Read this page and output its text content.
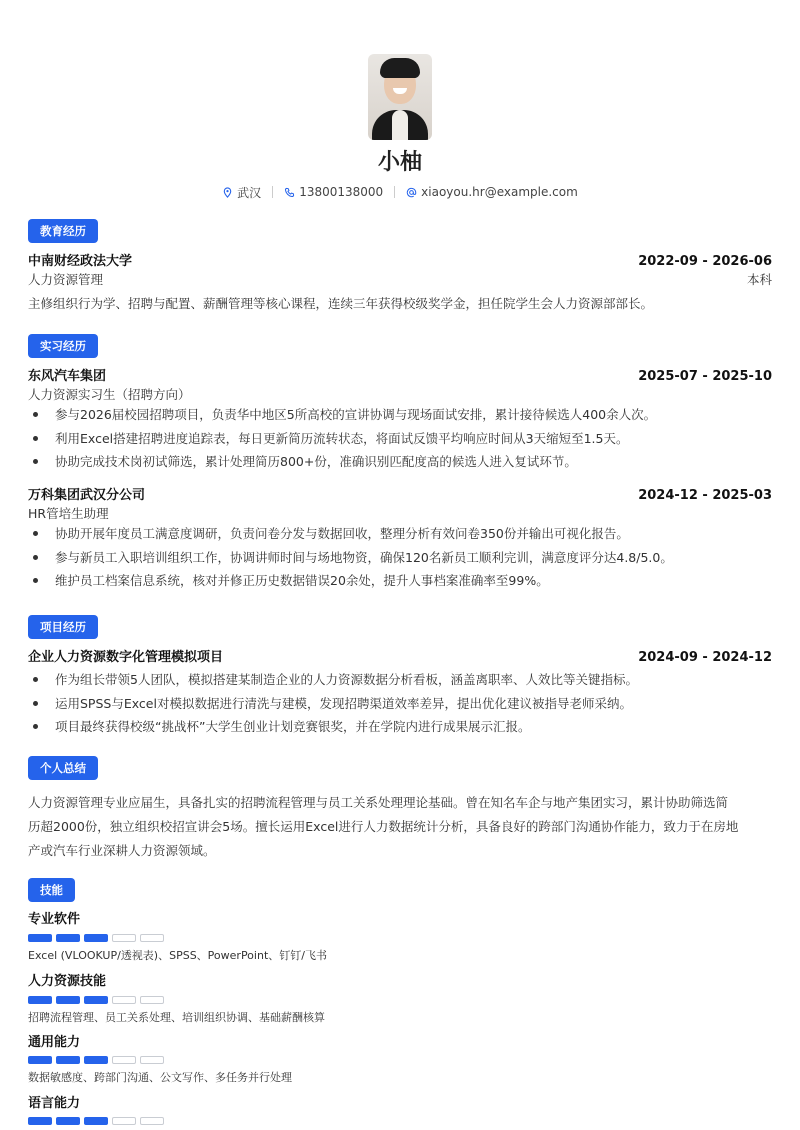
小柚
武汉	13800138000	xiaoyou.hr@example.com
教育经历
中南财经政法大学	2022-09 - 2026-06
人力资源管理	本科
主修组织行为学、招聘与配置、薪酬管理等核心课程，连续三年获得校级奖学金，担任院学生会人力资源部部长。
实习经历
东风汽车集团	2025-07 - 2025-10
人力资源实习生（招聘方向）
参与2026届校园招聘项目，负责华中地区5所高校的宣讲协调与现场面试安排，累计接待候选人400余人次。
利用Excel搭建招聘进度追踪表，每日更新简历流转状态，将面试反馈平均响应时间从3天缩短至1.5天。
协助完成技术岗初试筛选，累计处理简历800+份，准确识别匹配度高的候选人进入复试环节。
万科集团武汉分公司	2024-12 - 2025-03
HR管培生助理
协助开展年度员工满意度调研，负责问卷分发与数据回收，整理分析有效问卷350份并输出可视化报告。
参与新员工入职培训组织工作，协调讲师时间与场地物资，确保120名新员工顺利完训，满意度评分达4.8/5.0。
维护员工档案信息系统，核对并修正历史数据错误20余处，提升人事档案准确率至99%。
项目经历
企业人力资源数字化管理模拟项目	2024-09 - 2024-12
作为组长带领5人团队，模拟搭建某制造企业的人力资源数据分析看板，涵盖离职率、人效比等关键指标。
运用SPSS与Excel对模拟数据进行清洗与建模，发现招聘渠道效率差异，提出优化建议被指导老师采纳。
项目最终获得校级“挑战杯”大学生创业计划竞赛银奖，并在学院内进行成果展示汇报。
个人总结
人力资源管理专业应届生，具备扎实的招聘流程管理与员工关系处理理论基础。曾在知名车企与地产集团实习，累计协助筛选简
历超2000份，独立组织校招宣讲会5场。擅长运用Excel进行人力数据统计分析，具备良好的跨部门沟通协作能力，致力于在房地
产或汽车行业深耕人力资源领域。
技能
专业软件
Excel (VLOOKUP/透视表)、SPSS、PowerPoint、钉钉/飞书
人力资源技能
招聘流程管理、员工关系处理、培训组织协调、基础薪酬核算
通用能力
数据敏感度、跨部门沟通、公文写作、多任务并行处理
语言能力
